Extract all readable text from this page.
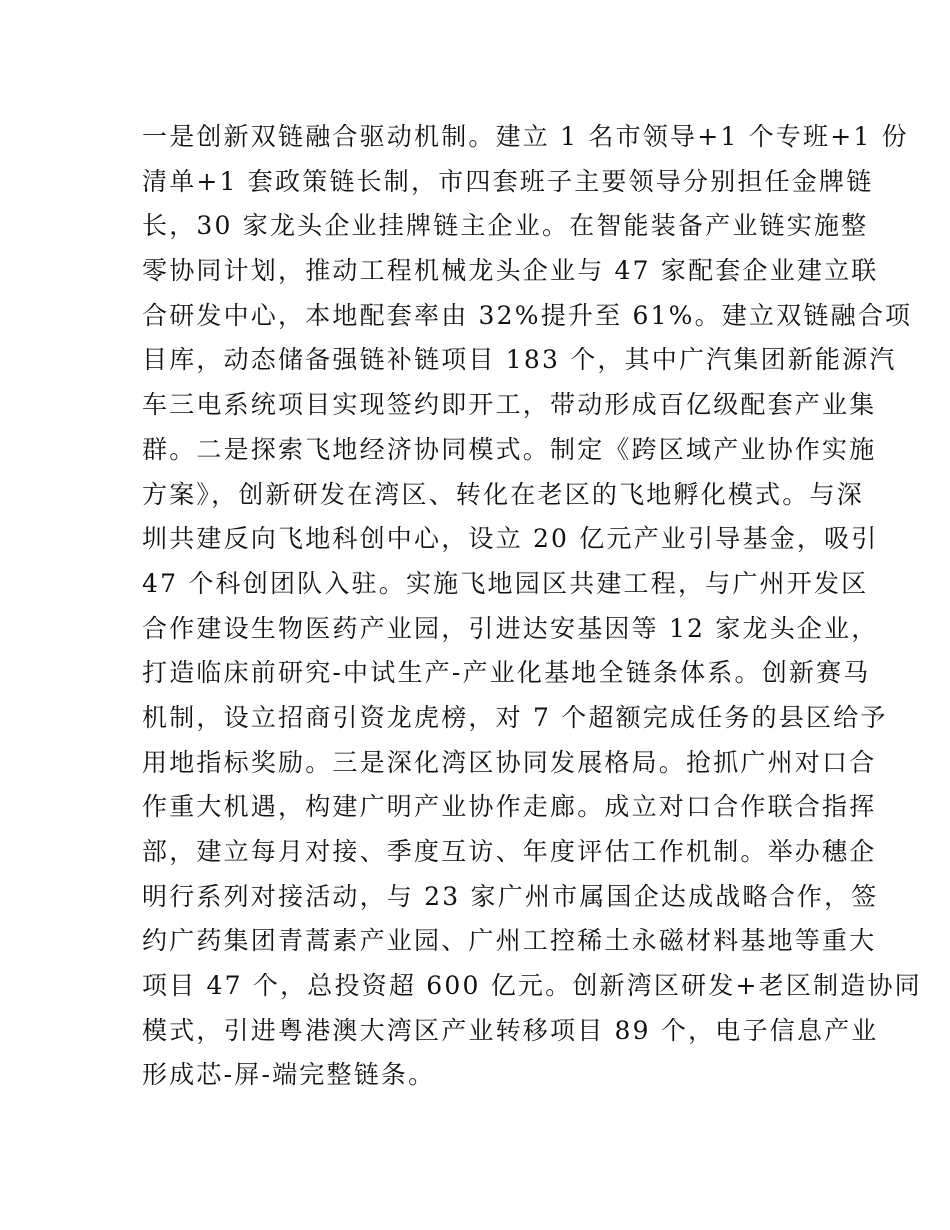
一是创新双链融合驱动机制。建立 1 名市领导+1 个专班+1 份
清单+1 套政策链长制，市四套班子主要领导分别担任金牌链
长，30 家龙头企业挂牌链主企业。在智能装备产业链实施整
零协同计划，推动工程机械龙头企业与 47 家配套企业建立联
合研发中心，本地配套率由 32%提升至 61%。建立双链融合项
目库，动态储备强链补链项目 183 个，其中广汽集团新能源汽
车三电系统项目实现签约即开工，带动形成百亿级配套产业集
群。二是探索飞地经济协同模式。制定《跨区域产业协作实施
方案》，创新研发在湾区、转化在老区的飞地孵化模式。与深
圳共建反向飞地科创中心，设立 20 亿元产业引导基金，吸引
47 个科创团队入驻。实施飞地园区共建工程，与广州开发区
合作建设生物医药产业园，引进达安基因等 12 家龙头企业，
打造临床前研究-中试生产-产业化基地全链条体系。创新赛马
机制，设立招商引资龙虎榜，对 7 个超额完成任务的县区给予
用地指标奖励。三是深化湾区协同发展格局。抢抓广州对口合
作重大机遇，构建广明产业协作走廊。成立对口合作联合指挥
部，建立每月对接、季度互访、年度评估工作机制。举办穗企
明行系列对接活动，与 23 家广州市属国企达成战略合作，签
约广药集团青蒿素产业园、广州工控稀土永磁材料基地等重大
项目 47 个，总投资超 600 亿元。创新湾区研发+老区制造协同
模式，引进粤港澳大湾区产业转移项目 89 个，电子信息产业
形成芯-屏-端完整链条。
